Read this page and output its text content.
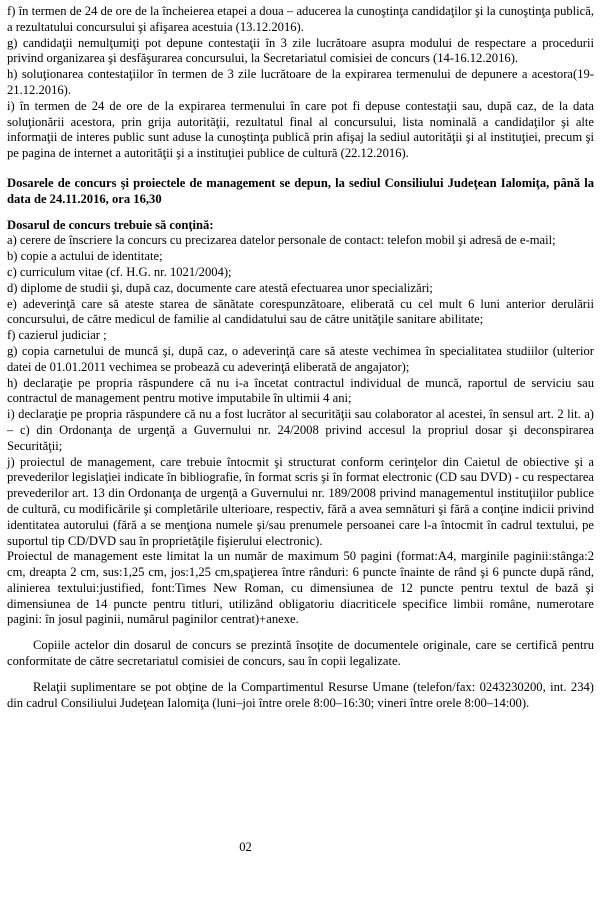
f) în termen de 24 de ore de la încheierea etapei a doua – aducerea la cunoştinţa candidaţilor şi la cunoştinţa publică, a rezultatului concursului şi afişarea acestuia (13.12.2016).

g) candidaţii nemulţumiţi pot depune contestaţii în 3 zile lucrătoare asupra modului de respectare a procedurii privind organizarea şi desfăşurarea concursului, la Secretariatul comisiei de concurs (14-16.12.2016).

h) soluţionarea contestaţiilor în termen de 3 zile lucrătoare de la expirarea termenului de depunere a acestora(19-21.12.2016).

i) în termen de 24 de ore de la expirarea termenului în care pot fi depuse contestaţii sau, după caz, de la data soluţionării acestora, prin grija autorităţii, rezultatul final al concursului, lista nominală a candidaţilor şi alte informaţii de interes public sunt aduse la cunoştinţa publică prin afişaj la sediul autorităţii şi al instituţiei, precum şi pe pagina de internet a autorităţii şi a instituţiei publice de cultură (22.12.2016).

Dosarele de concurs şi proiectele de management se depun, la sediul Consiliului Judeţean Ialomiţa, până la data de 24.11.2016, ora 16,30

Dosarul de concurs trebuie să conţină:

a) cerere de înscriere la concurs cu precizarea datelor personale de contact: telefon mobil şi adresă de e-mail;

b) copie a actului de identitate;

c) curriculum vitae (cf. H.G. nr. 1021/2004);

d) diplome de studii şi, după caz, documente care atestă efectuarea unor specializări;

e) adeverinţă care să ateste starea de sănătate corespunzătoare, eliberată cu cel mult 6 luni anterior derulării concursului, de către medicul de familie al candidatului sau de către unităţile sanitare abilitate;

f) cazierul judiciar ;

g) copia carnetului de muncă şi, după caz, o adeverinţă care să ateste vechimea în specialitatea studiilor (ulterior datei de 01.01.2011 vechimea se probează cu adeverinţă eliberată de angajator);

h) declaraţie pe propria răspundere că nu i-a încetat contractul individual de muncă, raportul de serviciu sau contractul de management pentru motive imputabile în ultimii 4 ani;

i) declaraţie pe propria răspundere că nu a fost lucrător al securităţii sau colaborator al acestei, în sensul art. 2 lit. a) – c) din Ordonanţa de urgenţă a Guvernului nr. 24/2008 privind accesul la propriul dosar şi deconspirarea Securităţii;

j) proiectul de management, care trebuie întocmit şi structurat conform cerinţelor din Caietul de obiective şi a prevederilor legislaţiei indicate în bibliografie, în format scris şi în format electronic (CD sau DVD) - cu respectarea prevederilor art. 13 din Ordonanţa de urgenţă a Guvernului nr. 189/2008 privind managementul instituţiilor publice de cultură, cu modificările şi completările ulterioare, respectiv, fără a avea semnături şi fără a conţine indicii privind identitatea autorului (fără a se menţiona numele şi/sau prenumele persoanei care l-a întocmit în cadrul textului, pe suportul tip CD/DVD sau în proprietăţile fişierului electronic).

Proiectul de management este limitat la un număr de maximum 50 pagini (format:A4, marginile paginii:stânga:2 cm, dreapta 2 cm, sus:1,25 cm, jos:1,25 cm,spaţierea între rânduri: 6 puncte înainte de rând şi 6 puncte după rând, alinierea textului:justified, font:Times New Roman, cu dimensiunea de 12 puncte pentru textul de bază şi dimensiunea de 14 puncte pentru titluri, utilizând obligatoriu diacriticele specifice limbii române, numerotare pagini: în josul paginii, numărul paginilor centrat)+anexe.

Copiile actelor din dosarul de concurs se prezintă însoţite de documentele originale, care se certifică pentru conformitate de către secretariatul comisiei de concurs, sau în copii legalizate.

Relaţii suplimentare se pot obţine de la Compartimentul Resurse Umane (telefon/fax: 0243230200, int. 234) din cadrul Consiliului Judeţean Ialomiţa (luni–joi între orele 8:00–16:30; vineri între orele 8:00–14:00).

02
